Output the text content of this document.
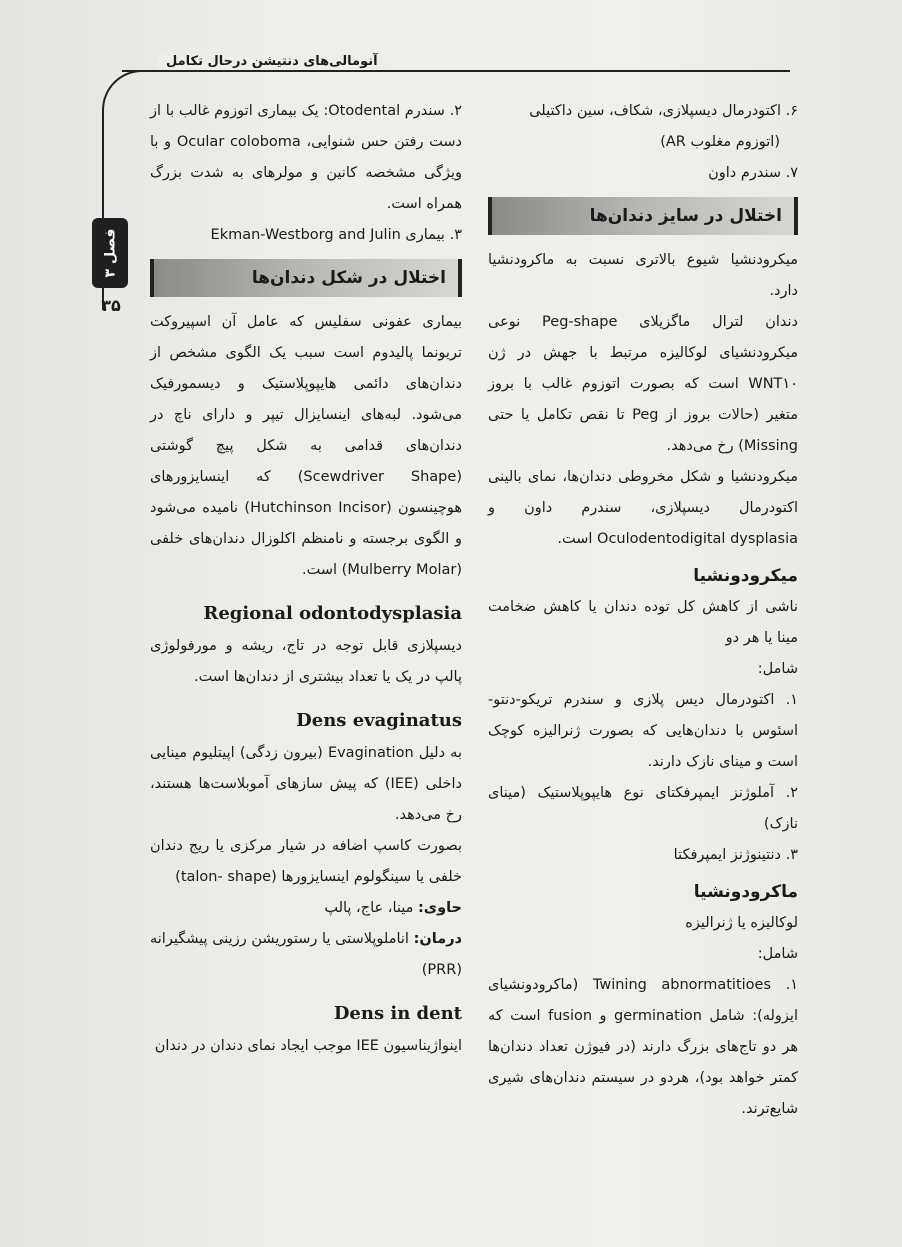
آنومالی‌های دنتیشن درحال تکامل
فصل ۳
۳۵

۶. اکتودرمال دیسپلازی، شکاف، سین داکتیلی

(اتوزوم مغلوب AR)

۷. سندرم داون

اختلال در سایز دندان‌ها

میکرودنشیا شیوع بالاتری نسبت به ماکرودنشیا دارد.

دندان لترال ماگزیلای Peg-shape نوعی میکرودنشیای لوکالیزه مرتبط با جهش در ژن WNT۱۰ است که بصورت اتوزوم غالب با بروز متغیر (حالات بروز از Peg تا نقص تکامل یا حتی Missing) رخ می‌دهد.

میکرودنشیا و شکل مخروطی دندان‌ها، نمای بالینی اکتودرمال دیسپلازی، سندرم داون و Oculodentodigital dysplasia است.

میکرودونشیا

ناشی از کاهش کل توده دندان یا کاهش ضخامت مینا یا هر دو

شامل:

۱. اکتودرمال دیس پلازی و سندرم تریکو-دنتو-اسئوس با دندان‌هایی که بصورت ژنرالیزه کوچک است و مینای نازک دارند.

۲. آملوژنز ایمپرفکتای نوع هایپوپلاستیک (مینای نازک)

۳. دنتینوژنز ایمپرفکتا

ماکرودونشیا

لوکالیزه یا ژنرالیزه

شامل:

۱. Twining abnormatitioes (ماکرودونشیای ایزوله): شامل germination و fusion است که هر دو تاج‌های بزرگ دارند (در فیوژن تعداد دندان‌ها کمتر خواهد بود)، هردو در سیستم دندان‌های شیری شایع‌ترند.

۲. سندرم Otodental: یک بیماری اتوزوم غالب با از دست رفتن حس شنوایی، Ocular coloboma و با ویژگی مشخصه کانین و مولرهای به شدت بزرگ همراه است.

۳. بیماری Ekman-Westborg and Julin

اختلال در شکل دندان‌ها

بیماری عفونی سفلیس که عامل آن اسپیروکت تریونما پالیدوم است سبب یک الگوی مشخص از دندان‌های دائمی هایپوپلاستیک و دیسمورفیک می‌شود. لبه‌های اینسایزال تیپر و دارای ناچ در دندان‌های قدامی به شکل پیچ گوشتی (Scewdriver Shape) که اینسایزورهای هوچینسون (Hutchinson Incisor) نامیده می‌شود و الگوی برجسته و نامنظم اکلوزال دندان‌های خلفی (Mulberry Molar) است.

Regional odontodysplasia

دیسپلازی قابل توجه در تاج، ریشه و مورفولوژی پالپ در یک یا تعداد بیشتری از دندان‌ها است.

Dens evaginatus

به دلیل Evagination (بیرون زدگی) اپیتلیوم مینایی داخلی (IEE) که پیش سازهای آموبلاست‌ها هستند، رخ می‌دهد.

بصورت کاسپ اضافه در شیار مرکزی یا ریج دندان خلفی یا سینگولوم اینسایزورها (talon- shape)

حاوی: مینا، عاج، پالپ

درمان: اناملوپلاستی یا رستوریشن رزینی پیشگیرانه (PRR)

Dens in dent

اینواژیناسیون IEE موجب ایجاد نمای دندان در دندان
